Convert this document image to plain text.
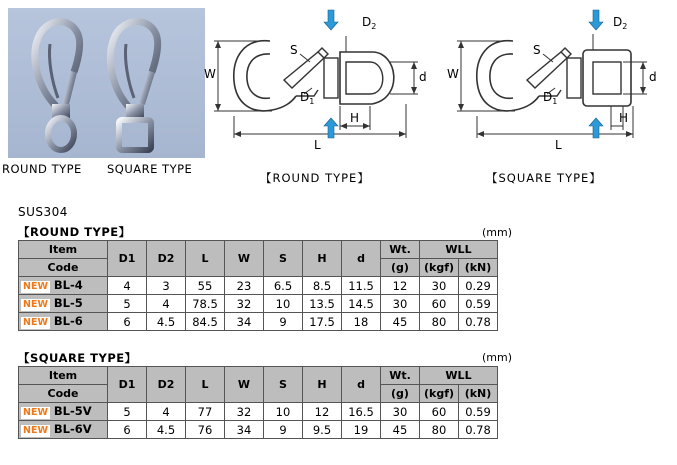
ROUND TYPE SQUARE TYPE
W
S
$D_1$
$D_2$
d
H
L
【ROUND TYPE】
W
S
$D_1$
$D_2$
d
H
L
【SQUARE TYPE】
SUS304
【ROUND TYPE】	(mm)
Item	D1	D2	L	W	S	H	d	Wt.	WLL	
Code								(g)	(kgf)	(kN)
NEW BL-4	4	3	55	23	6.5	8.5	11.5	12	30	0.29
NEW BL-5	5	4	78.5	32	10	13.5	14.5	30	60	0.59
NEW BL-6	6	4.5	84.5	34	9	17.5	18	45	80	0.78
【SQUARE TYPE】	(mm)
Item	D1	D2	L	W	S	H	d	Wt.	WLL	
Code								(g)	(kgf)	(kN)
NEW BL-5V	5	4	77	32	10	12	16.5	30	60	0.59
NEW BL-6V	6	4.5	76	34	9	9.5	19	45	80	0.78
